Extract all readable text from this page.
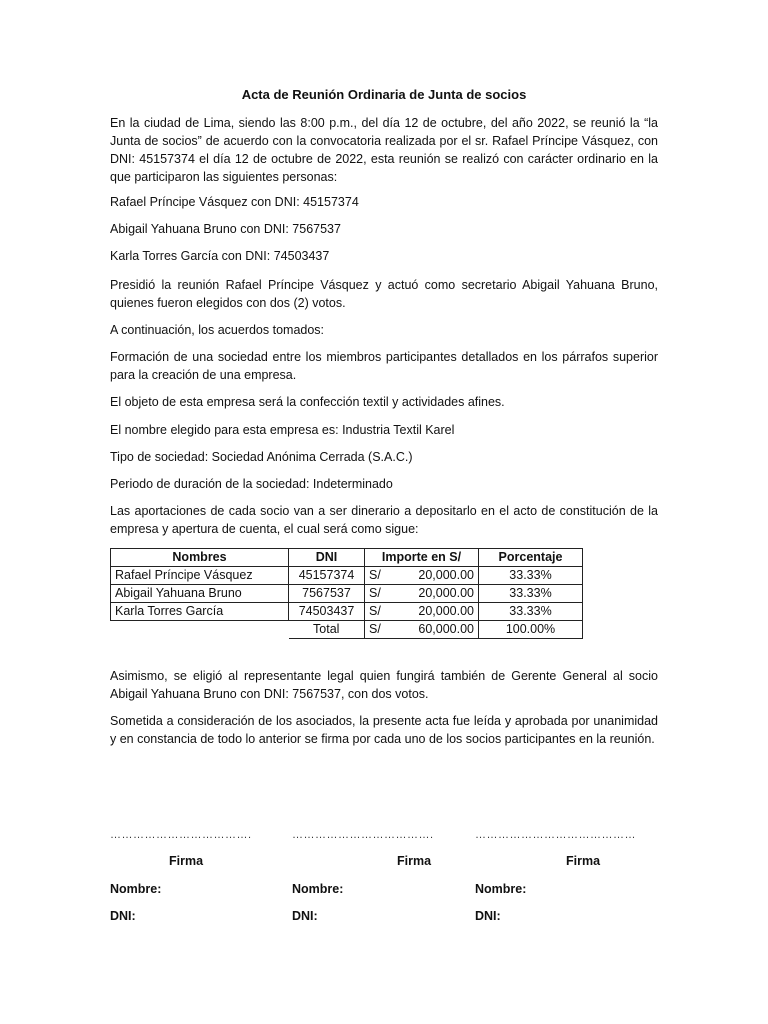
Acta de Reunión Ordinaria de Junta de socios

En la ciudad de Lima, siendo las 8:00 p.m., del día 12 de octubre, del año 2022, se reunió la “la Junta de socios” de acuerdo con la convocatoria realizada por el sr. Rafael Príncipe Vásquez, con DNI: 45157374 el día 12 de octubre de 2022, esta reunión se realizó con carácter ordinario en la que participaron las siguientes personas:

Rafael Príncipe Vásquez con DNI: 45157374

Abigail Yahuana Bruno con DNI: 7567537

Karla Torres García con DNI: 74503437

Presidió la reunión Rafael Príncipe Vásquez y actuó como secretario Abigail Yahuana Bruno, quienes fueron elegidos con dos (2) votos.

A continuación, los acuerdos tomados:

Formación de una sociedad entre los miembros participantes detallados en los párrafos superior para la creación de una empresa.

El objeto de esta empresa será la confección textil y actividades afines.

El nombre elegido para esta empresa es: Industria Textil Karel

Tipo de sociedad: Sociedad Anónima Cerrada (S.A.C.)

Periodo de duración de la sociedad: Indeterminado

Las aportaciones de cada socio van a ser dinerario a depositarlo en el acto de constitución de la empresa y apertura de cuenta, el cual será como sigue:

Nombres	DNI	Importe en S/		Porcentaje
Rafael Príncipe Vásquez	45157374	S/	20,000.00	33.33%
Abigail Yahuana Bruno	7567537	S/	20,000.00	33.33%
Karla Torres García	74503437	S/	20,000.00	33.33%
	Total	S/	60,000.00	100.00%

Asimismo, se eligió al representante legal quien fungirá también de Gerente General al socio Abigail Yahuana Bruno con DNI: 7567537, con dos votos.

Sometida a consideración de los asociados, la presente acta fue leída y aprobada por unanimidad y en constancia de todo lo anterior se firma por cada uno de los socios participantes en la reunión.

……………………………….	……………………………….	……………………………………
Firma	Firma	Firma
Nombre:	Nombre:	Nombre:
DNI:	DNI:	DNI:
